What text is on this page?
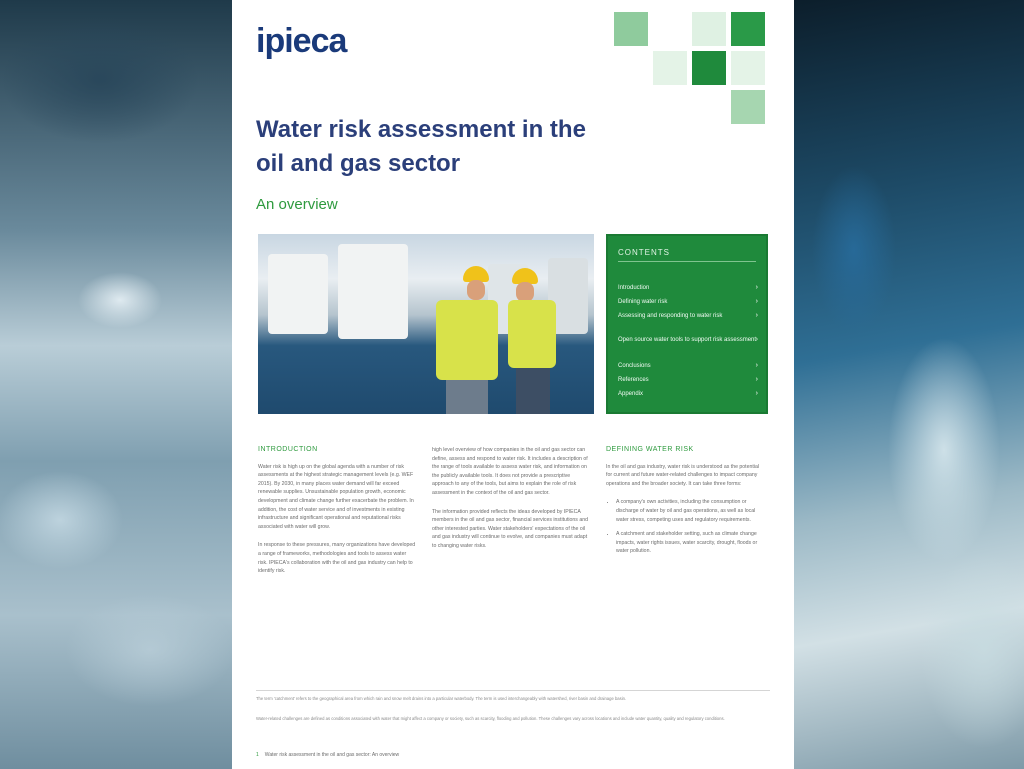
ipieca
Water risk assessment in the oil and gas sector
An overview
CONTENTS
Introduction	›
Defining water risk	›
Assessing and responding to water risk	›
Open source water tools to support risk assessment ›
Conclusions	›
References	›
Appendix	›
INTRODUCTION

Water risk is high up on the global agenda with a number of risk assessments at the highest strategic management levels (e.g. WEF 2015). By 2030, in many places water demand will far exceed renewable supplies. Unsustainable population growth, economic development and climate change further exacerbate the problem. In addition, the cost of water service and of investments in existing infrastructure and significant operational and reputational risks associated with water will grow.

In response to these pressures, many organizations have developed a range of frameworks, methodologies and tools to assess water risk. IPIECA's collaboration with the oil and gas industry can help to identify risk.

high level overview of how companies in the oil and gas sector can define, assess and respond to water risk. It includes a description of the range of tools available to assess water risk, and information on the publicly available tools. It does not provide a prescriptive approach to any of the tools, but aims to explain the role of risk assessment in the context of the oil and gas sector.

The information provided reflects the ideas developed by IPIECA members in the oil and gas sector, financial services institutions and other interested parties. Water stakeholders' expectations of the oil and gas industry will continue to evolve, and companies must adapt to changing water risks.

DEFINING WATER RISK

In the oil and gas industry, water risk is understood as the potential for current and future water-related challenges to impact company operations and the broader society. It can take three forms:

• A company's own activities, including the consumption or discharge of water by oil and gas operations, as well as local water stress, competing uses and regulatory requirements.
• A catchment and stakeholder setting, such as climate change impacts, water rights issues, water scarcity, drought, floods or water pollution.
The term 'catchment' refers to the geographical area from which rain and snow melt drains into a particular waterbody. The term is used interchangeably with watershed, river basin and drainage basin.
Water-related challenges are defined as conditions associated with water that might affect a company or society, such as scarcity, flooding and pollution. These challenges vary across locations and include water quantity, quality and regulatory conditions.
1 Water risk assessment in the oil and gas sector: An overview
